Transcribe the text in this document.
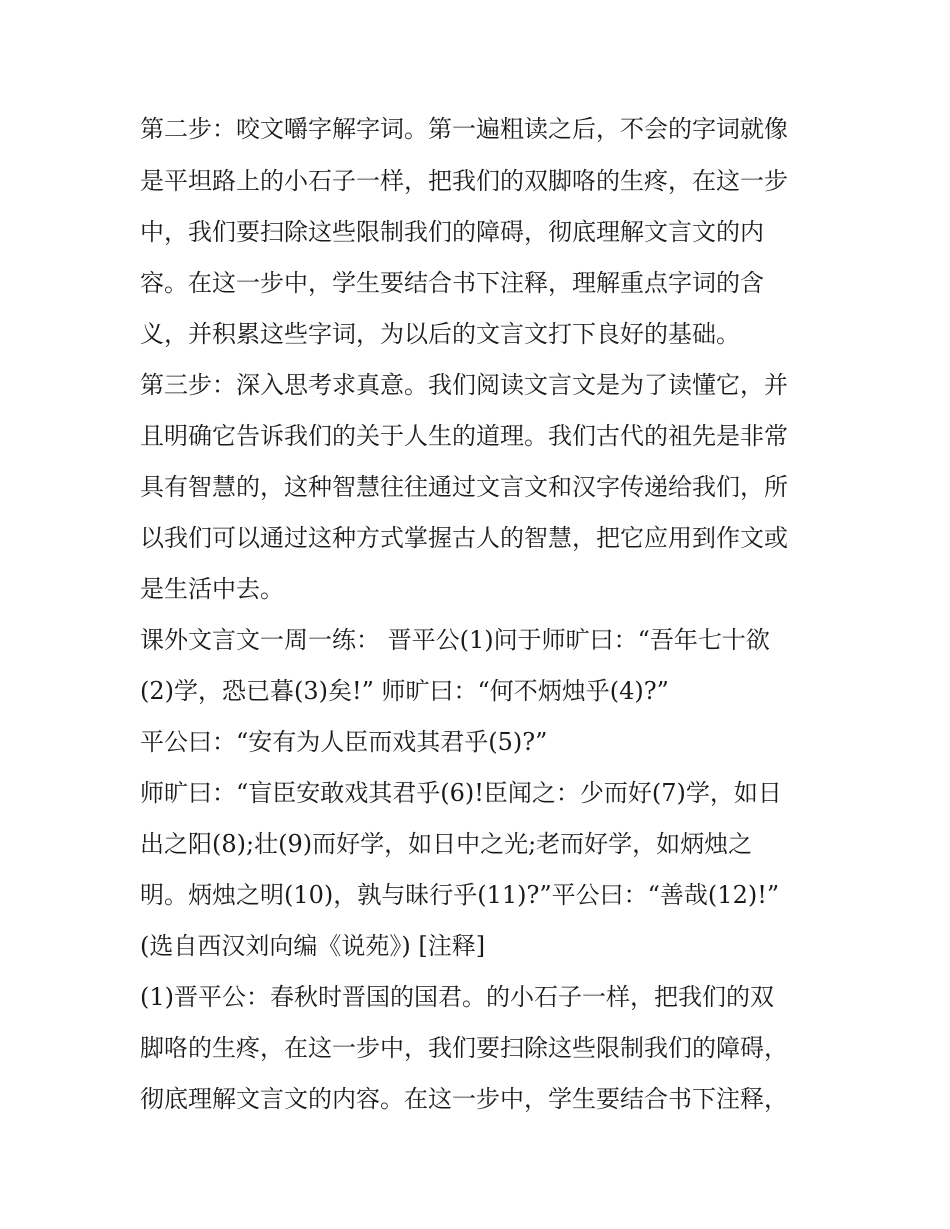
第二步：咬文嚼字解字词。第一遍粗读之后，不会的字词就像
是平坦路上的小石子一样，把我们的双脚咯的生疼，在这一步
中，我们要扫除这些限制我们的障碍，彻底理解文言文的内
容。在这一步中，学生要结合书下注释，理解重点字词的含
义，并积累这些字词，为以后的文言文打下良好的基础。
第三步：深入思考求真意。我们阅读文言文是为了读懂它，并
且明确它告诉我们的关于人生的道理。我们古代的祖先是非常
具有智慧的，这种智慧往往通过文言文和汉字传递给我们，所
以我们可以通过这种方式掌握古人的智慧，把它应用到作文或
是生活中去。
课外文言文一周一练： 晋平公(1)问于师旷曰：“吾年七十欲
(2)学，恐已暮(3)矣!” 师旷曰：“何不炳烛乎(4)?”
平公曰：“安有为人臣而戏其君乎(5)?”
师旷曰：“盲臣安敢戏其君乎(6)!臣闻之：少而好(7)学，如日
出之阳(8);壮(9)而好学，如日中之光;老而好学，如炳烛之
明。炳烛之明(10)，孰与昧行乎(11)?”平公曰：“善哉(12)!”
(选自西汉刘向编《说苑》) [注释]
(1)晋平公：春秋时晋国的国君。的小石子一样，把我们的双
脚咯的生疼，在这一步中，我们要扫除这些限制我们的障碍，
彻底理解文言文的内容。在这一步中，学生要结合书下注释，
